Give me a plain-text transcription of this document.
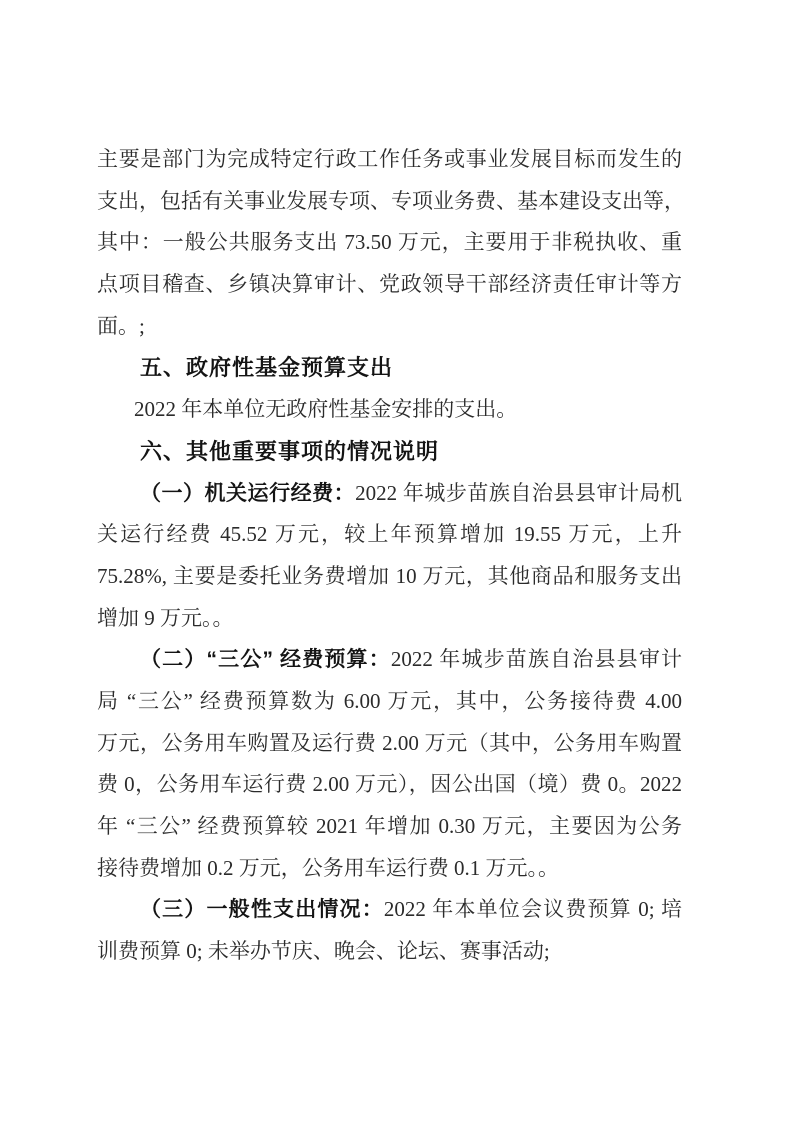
主要是部门为完成特定行政工作任务或事业发展目标而发生的
支出，包括有关事业发展专项、专项业务费、基本建设支出等，
其中：一般公共服务支出 73.50 万元，主要用于非税执收、重
点项目稽查、乡镇决算审计、党政领导干部经济责任审计等方
面。;
五、政府性基金预算支出
2022 年本单位无政府性基金安排的支出。
六、其他重要事项的情况说明
（一）机关运行经费：2022 年城步苗族自治县县审计局机
关运行经费 45.52 万元，较上年预算增加 19.55 万元，上升
75.28%, 主要是委托业务费增加 10 万元，其他商品和服务支出
增加 9 万元。。
（二）“三公” 经费预算：2022 年城步苗族自治县县审计
局 “三公” 经费预算数为 6.00 万元，其中，公务接待费 4.00
万元，公务用车购置及运行费 2.00 万元（其中，公务用车购置
费 0，公务用车运行费 2.00 万元），因公出国（境）费 0。2022
年 “三公” 经费预算较 2021 年增加 0.30 万元，主要因为公务
接待费增加 0.2 万元，公务用车运行费 0.1 万元。。
（三）一般性支出情况：2022 年本单位会议费预算 0; 培
训费预算 0; 未举办节庆、晚会、论坛、赛事活动;
